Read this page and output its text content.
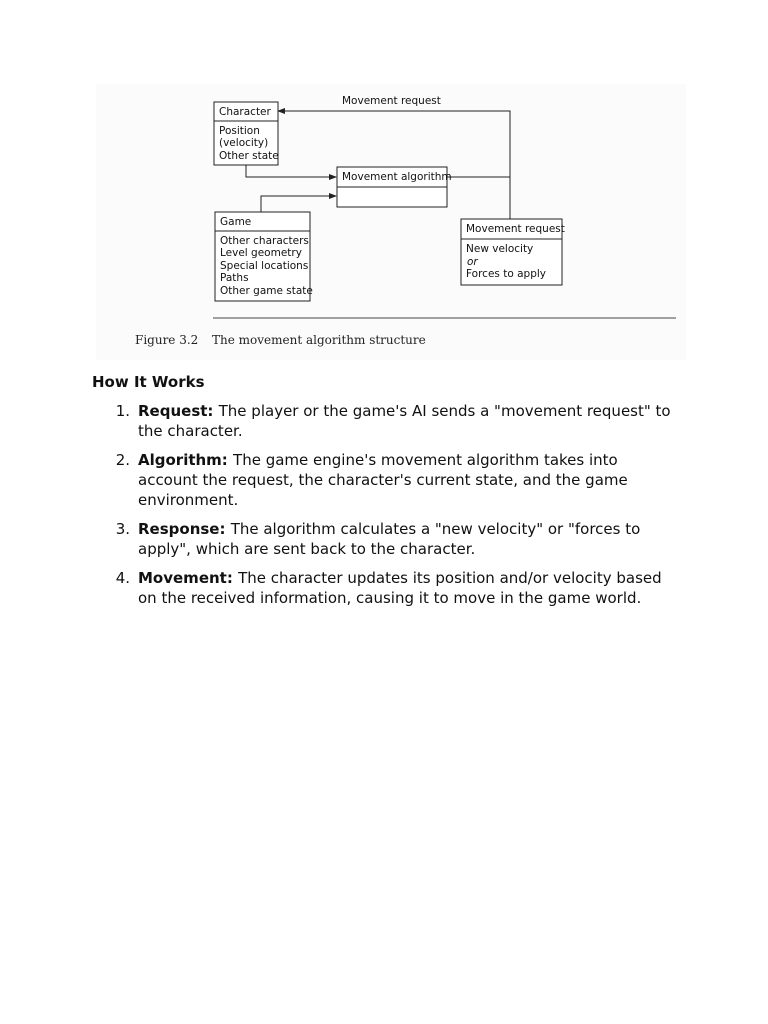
Movement request
Character
Position
(velocity)
Other state
Movement algorithm
Game
Other characters
Level geometry
Special locations
Paths
Other game state
Movement request
New velocity
or
Forces to apply
Figure 3.2 The movement algorithm structure
How It Works
1. Request: The player or the game's AI sends a "movement request" to the character.
2. Algorithm: The game engine's movement algorithm takes into account the request, the character's current state, and the game environment.
3. Response: The algorithm calculates a "new velocity" or "forces to apply", which are sent back to the character.
4. Movement: The character updates its position and/or velocity based on the received information, causing it to move in the game world.
